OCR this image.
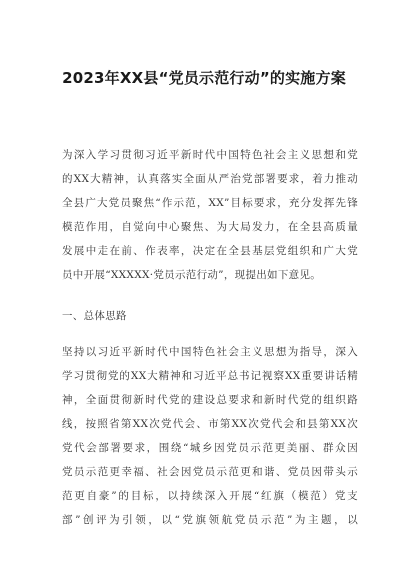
2023年XX县“党员示范行动”的实施方案
为深入学习贯彻习近平新时代中国特色社会主义思想和党
的XX大精神，认真落实全面从严治党部署要求，着力推动
全县广大党员聚焦“作示范，XX”目标要求，充分发挥先锋
模范作用，自觉向中心聚焦、为大局发力，在全县高质量
发展中走在前、作表率，决定在全县基层党组织和广大党
员中开展“XXXXX·党员示范行动”，现提出如下意见。
一、总体思路
坚持以习近平新时代中国特色社会主义思想为指导，深入
学习贯彻党的XX大精神和习近平总书记视察XX重要讲话精
神，全面贯彻新时代党的建设总要求和新时代党的组织路
线，按照省第XX次党代会、市第XX次党代会和县第XX次
党代会部署要求，围绕“城乡因党员示范更美丽、群众因
党员示范更幸福、社会因党员示范更和谐、党员因带头示
范更自豪”的目标，以持续深入开展“红旗（模范）党支
部”创评为引领，以“党旗领航党员示范”为主题，以
